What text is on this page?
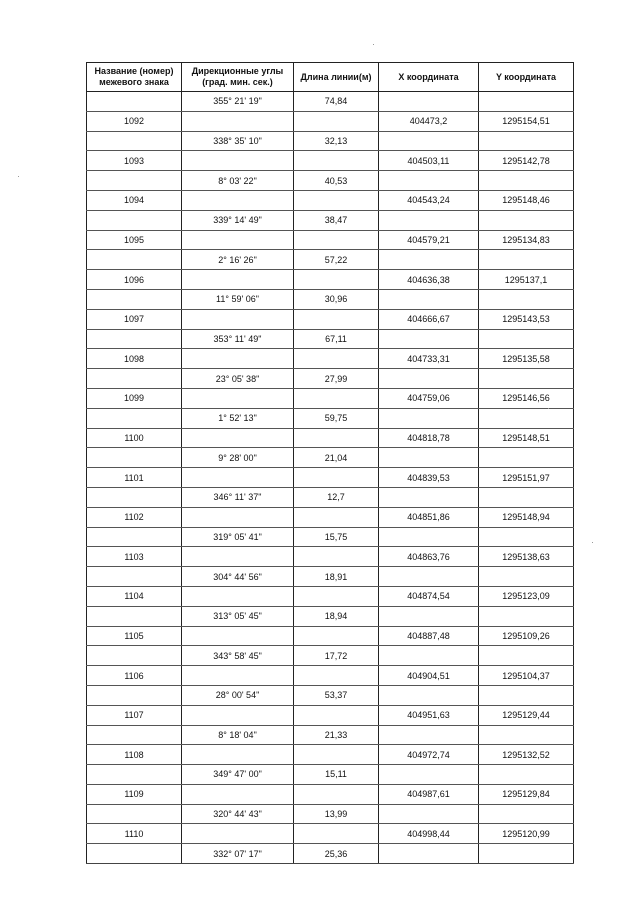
Название (номер) межевого знака	Дирекционные углы (град. мин. сек.)	Длина линии(м)	X координата	Y координата
	355° 21' 19"	74,84		
1092			404473,2	1295154,51
	338° 35' 10"	32,13		
1093			404503,11	1295142,78
	8° 03' 22"	40,53		
1094			404543,24	1295148,46
	339° 14' 49"	38,47		
1095			404579,21	1295134,83
	2° 16' 26"	57,22		
1096			404636,38	1295137,1
	11° 59' 06"	30,96		
1097			404666,67	1295143,53
	353° 11' 49"	67,11		
1098			404733,31	1295135,58
	23° 05' 38"	27,99		
1099			404759,06	1295146,56
	1° 52' 13"	59,75		
1100			404818,78	1295148,51
	9° 28' 00"	21,04		
1101			404839,53	1295151,97
	346° 11' 37"	12,7		
1102			404851,86	1295148,94
	319° 05' 41"	15,75		
1103			404863,76	1295138,63
	304° 44' 56"	18,91		
1104			404874,54	1295123,09
	313° 05' 45"	18,94		
1105			404887,48	1295109,26
	343° 58' 45"	17,72		
1106			404904,51	1295104,37
	28° 00' 54"	53,37		
1107			404951,63	1295129,44
	8° 18' 04"	21,33		
1108			404972,74	1295132,52
	349° 47' 00"	15,11		
1109			404987,61	1295129,84
	320° 44' 43"	13,99		
1110			404998,44	1295120,99
	332° 07' 17"	25,36		
